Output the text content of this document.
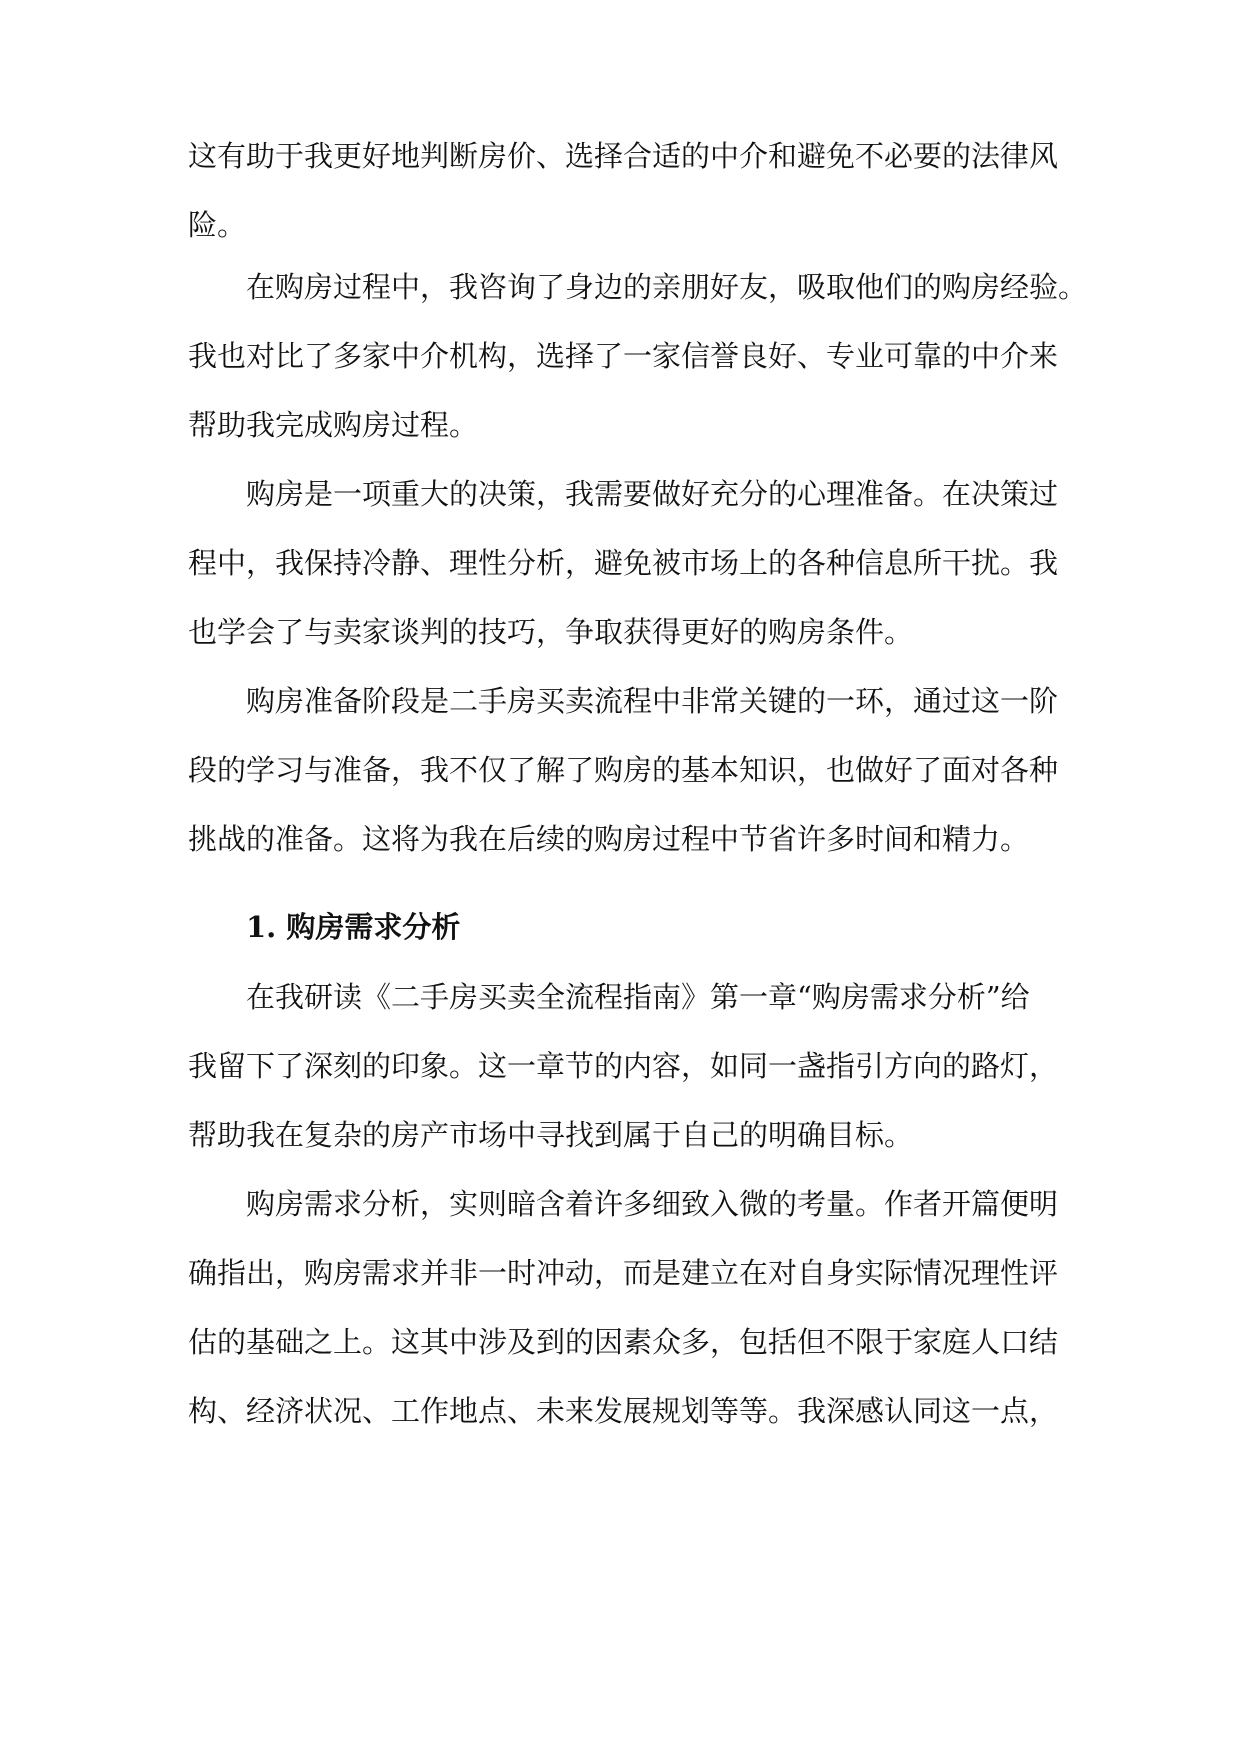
这有助于我更好地判断房价、选择合适的中介和避免不必要的法律风
险。
在购房过程中，我咨询了身边的亲朋好友，吸取他们的购房经验。
我也对比了多家中介机构，选择了一家信誉良好、专业可靠的中介来
帮助我完成购房过程。
购房是一项重大的决策，我需要做好充分的心理准备。在决策过
程中，我保持冷静、理性分析，避免被市场上的各种信息所干扰。我
也学会了与卖家谈判的技巧，争取获得更好的购房条件。
购房准备阶段是二手房买卖流程中非常关键的一环，通过这一阶
段的学习与准备，我不仅了解了购房的基本知识，也做好了面对各种
挑战的准备。这将为我在后续的购房过程中节省许多时间和精力。
1. 购房需求分析
在我研读《二手房买卖全流程指南》第一章“购房需求分析”给
我留下了深刻的印象。这一章节的内容，如同一盏指引方向的路灯，
帮助我在复杂的房产市场中寻找到属于自己的明确目标。
购房需求分析，实则暗含着许多细致入微的考量。作者开篇便明
确指出，购房需求并非一时冲动，而是建立在对自身实际情况理性评
估的基础之上。这其中涉及到的因素众多，包括但不限于家庭人口结
构、经济状况、工作地点、未来发展规划等等。我深感认同这一点，
